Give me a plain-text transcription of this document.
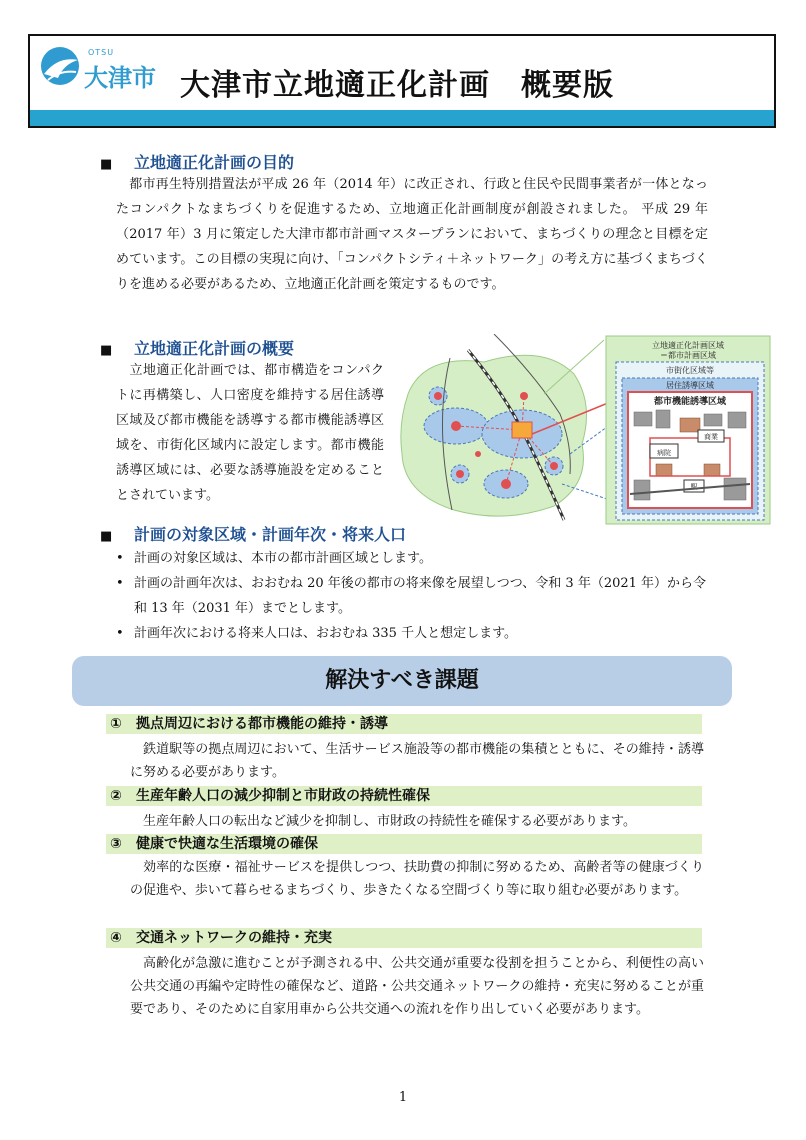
OTSU
大津市 大津市立地適正化計画　概要版
■ 立地適正化計画の目的
　都市再生特別措置法が平成 26 年（2014 年）に改正され、行政と住民や民間事業者が一体となったコンパクトなまちづくりを促進するため、立地適正化計画制度が創設されました。 平成 29 年（2017 年）3 月に策定した大津市都市計画マスタープランにおいて、まちづくりの理念と目標を定めています。この目標の実現に向け、「コンパクトシティ＋ネットワーク」の考え方に基づくまちづくりを進める必要があるため、立地適正化計画を策定するものです。
■ 立地適正化計画の概要
　立地適正化計画では、都市構造をコンパクトに再構築し、人口密度を維持する居住誘導区域及び都市機能を誘導する都市機能誘導区域を、市街化区域内に設定します。都市機能誘導区域には、必要な誘導施設を定めることとされています。
立地適正化計画区域
＝都市計画区域
市街化区域等
居住誘導区域
都市機能誘導区域
病院
商業
駅
■ 計画の対象区域・計画年次・将来人口
• 計画の対象区域は、本市の都市計画区域とします。
• 計画の計画年次は、おおむね 20 年後の都市の将来像を展望しつつ、令和 3 年（2021 年）から令和 13 年（2031 年）までとします。
• 計画年次における将来人口は、おおむね 335 千人と想定します。
解決すべき課題
① 拠点周辺における都市機能の維持・誘導
　鉄道駅等の拠点周辺において、生活サービス施設等の都市機能の集積とともに、その維持・誘導に努める必要があります。
② 生産年齢人口の減少抑制と市財政の持続性確保
　生産年齢人口の転出など減少を抑制し、市財政の持続性を確保する必要があります。
③ 健康で快適な生活環境の確保
　効率的な医療・福祉サービスを提供しつつ、扶助費の抑制に努めるため、高齢者等の健康づくりの促進や、歩いて暮らせるまちづくり、歩きたくなる空間づくり等に取り組む必要があります。
④ 交通ネットワークの維持・充実
　高齢化が急激に進むことが予測される中、公共交通が重要な役割を担うことから、利便性の高い公共交通の再編や定時性の確保など、道路・公共交通ネットワークの維持・充実に努めることが重要であり、そのために自家用車から公共交通への流れを作り出していく必要があります。
1
